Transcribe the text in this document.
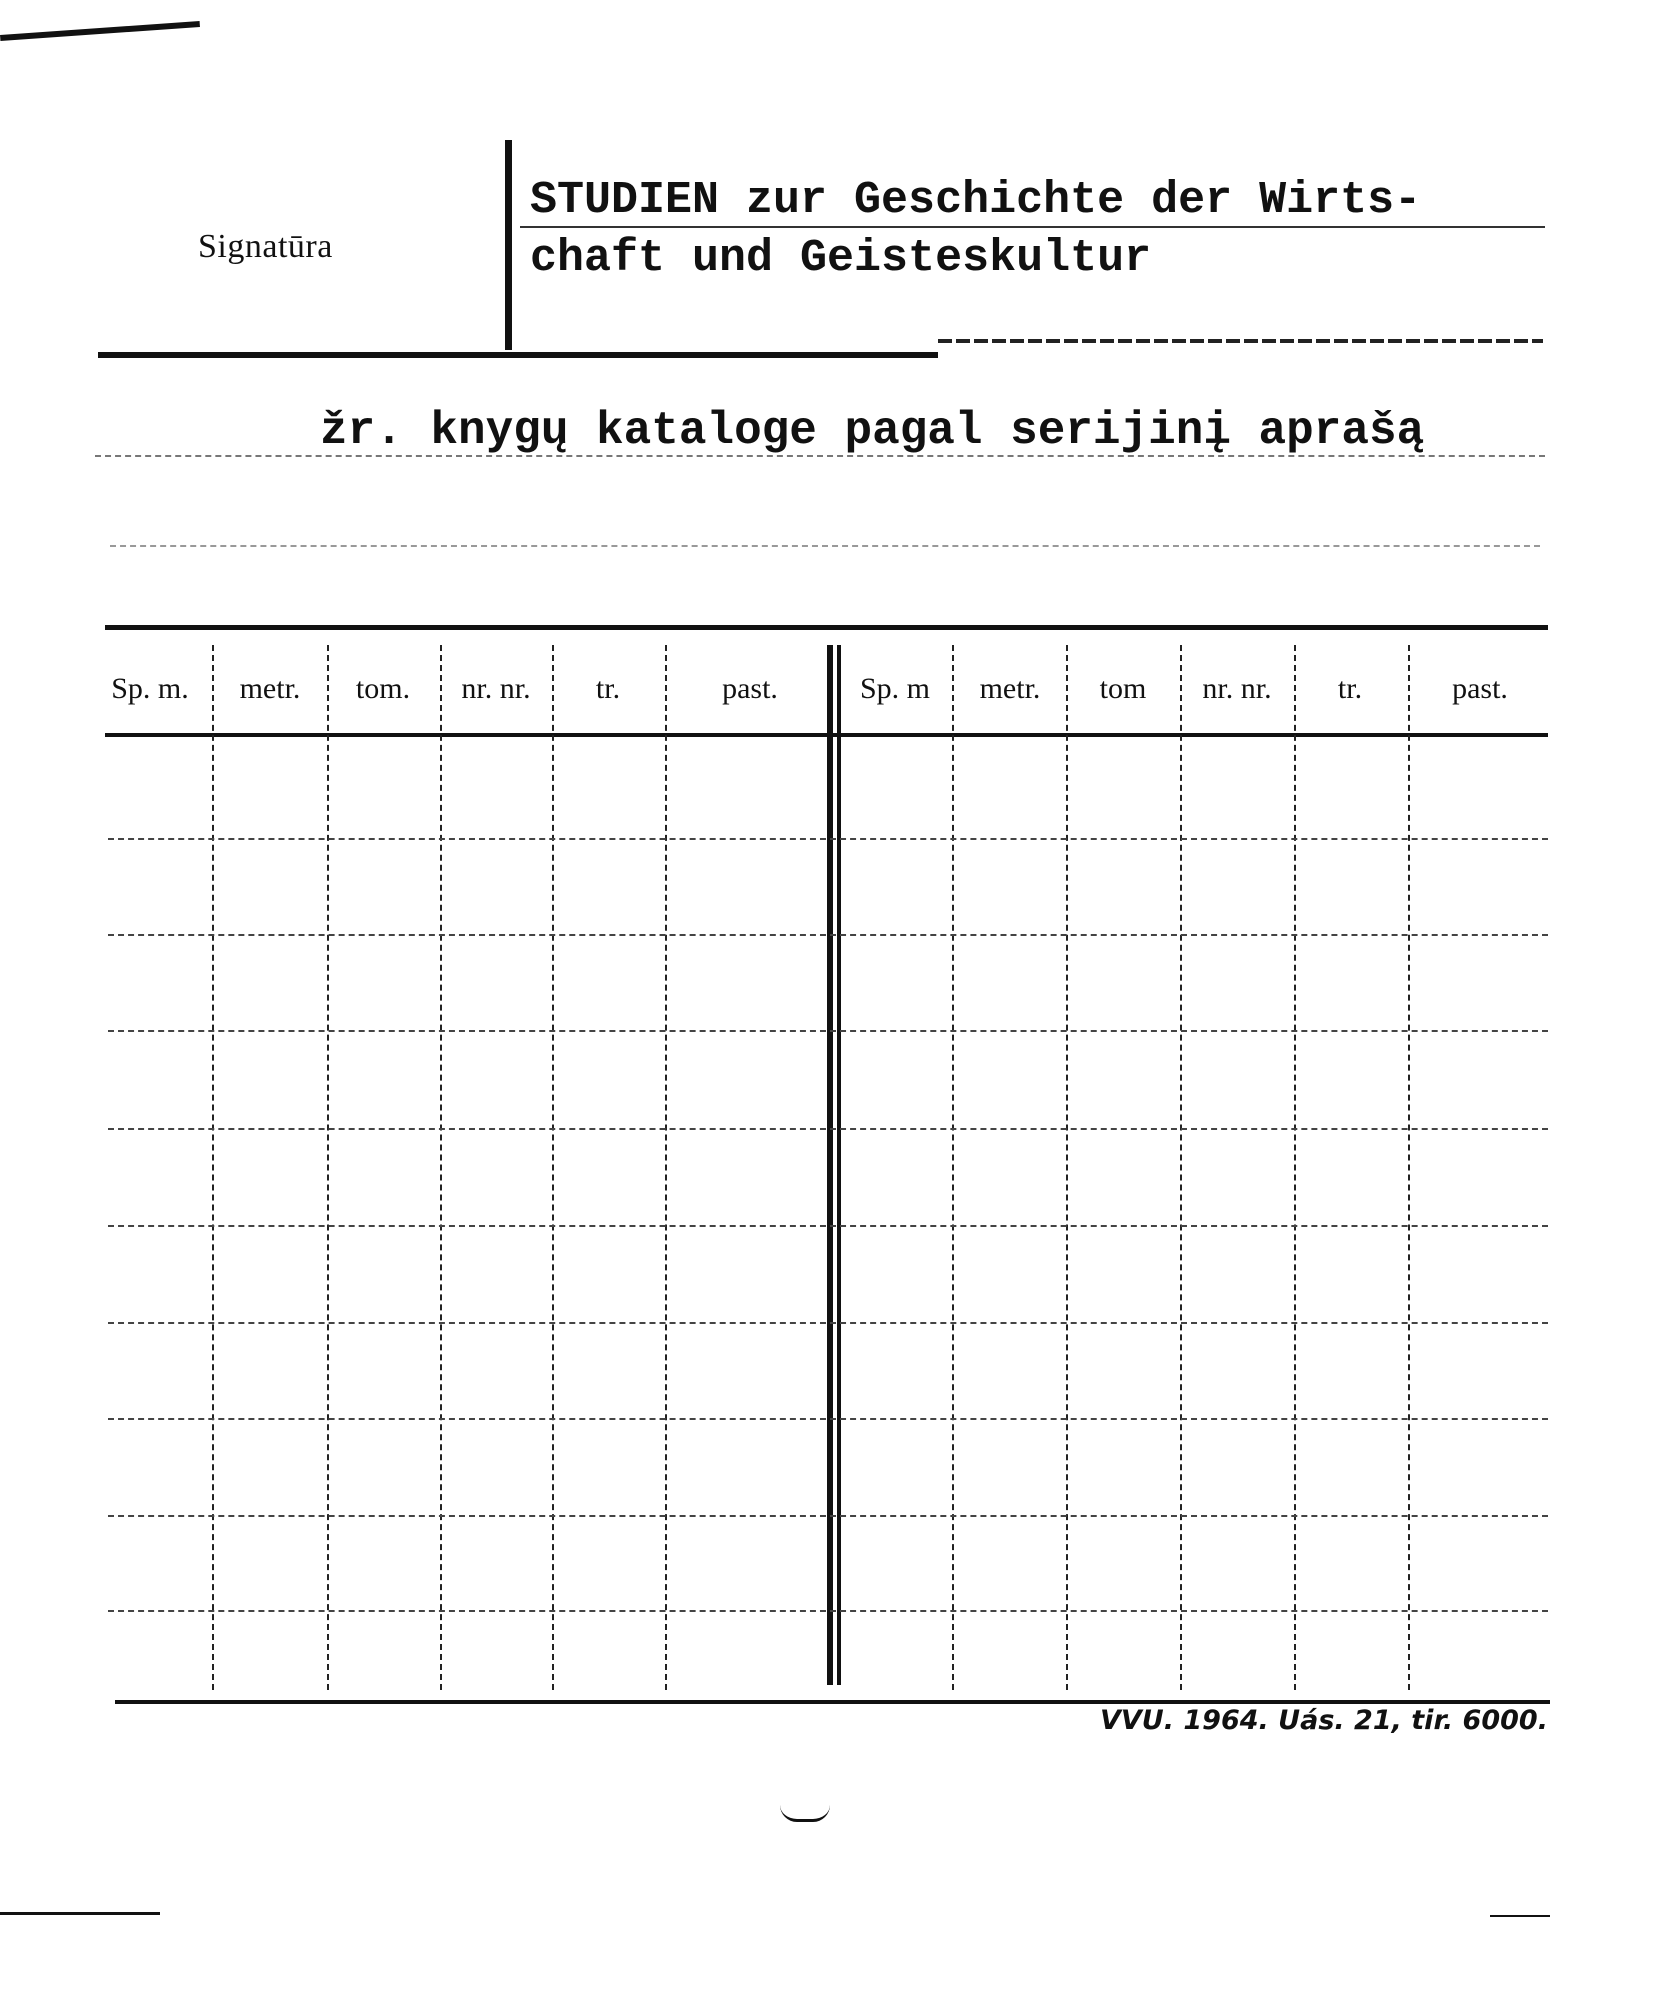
Signatūra
STUDIEN zur Geschichte der Wirts-
chaft und Geisteskultur
žr. knygų kataloge pagal serijinį aprašą
Sp. m.	metr.	tom.	nr. nr.	tr.	past.	Sp. m	metr.	tom	nr. nr.	tr.	past.
VVU. 1964. Uás. 21, tir. 6000.
